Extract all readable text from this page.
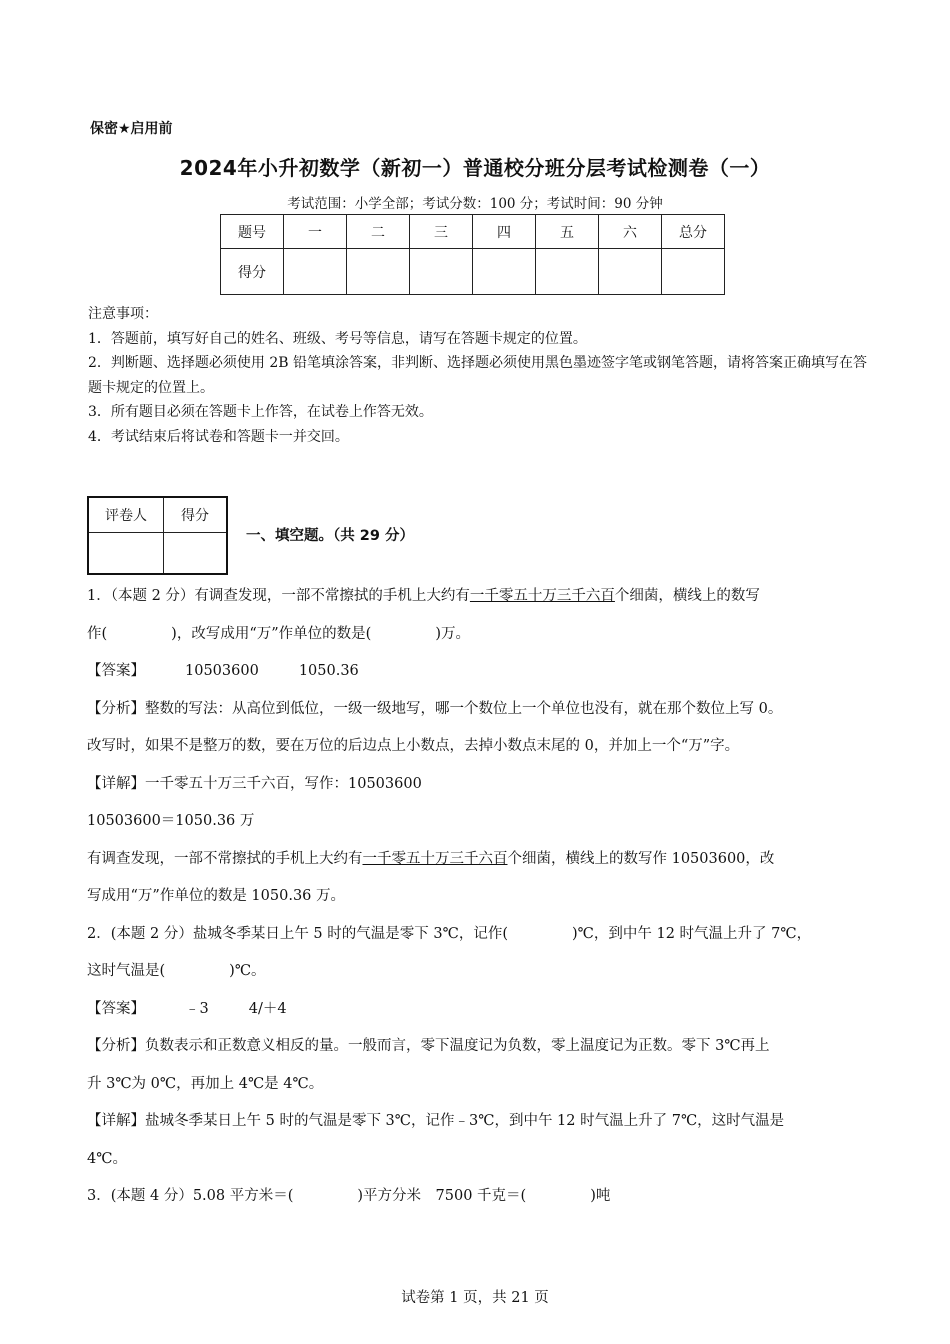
保密★启用前
2024年小升初数学（新初一）普通校分班分层考试检测卷（一）
考试范围：小学全部；考试分数：100 分；考试时间：90 分钟
题号	一	二	三	四	五	六	总分
得分							
注意事项：
1．答题前，填写好自己的姓名、班级、考号等信息，请写在答题卡规定的位置。
2．判断题、选择题必须使用 2B 铅笔填涂答案，非判断、选择题必须使用黑色墨迹签字笔或钢笔答题，请将答案正确填写在答题卡规定的位置上。
3．所有题目必须在答题卡上作答，在试卷上作答无效。
4．考试结束后将试卷和答题卡一并交回。
评卷人	得分

一、填空题。（共 29 分）

1．（本题 2 分）有调查发现，一部不常擦拭的手机上大约有一千零五十万三千六百个细菌，横线上的数写

作(	)，改写成用“万”作单位的数是(	)万。

【答案】	10503600	1050.36

【分析】整数的写法：从高位到低位，一级一级地写，哪一个数位上一个单位也没有，就在那个数位上写 0。

改写时，如果不是整万的数，要在万位的后边点上小数点，去掉小数点末尾的 0，并加上一个“万”字。

【详解】一千零五十万三千六百，写作：10503600

10503600＝1050.36 万

有调查发现，一部不常擦拭的手机上大约有一千零五十万三千六百个细菌，横线上的数写作 10503600，改

写成用“万”作单位的数是 1050.36 万。

2．(本题 2 分）盐城冬季某日上午 5 时的气温是零下 3℃，记作(	)℃，到中午 12 时气温上升了 7℃，

这时气温是(	)℃。

【答案】	﹣3	4/＋4

【分析】负数表示和正数意义相反的量。一般而言，零下温度记为负数，零上温度记为正数。零下 3℃再上

升 3℃为 0℃，再加上 4℃是 4℃。

【详解】盐城冬季某日上午 5 时的气温是零下 3℃，记作﹣3℃，到中午 12 时气温上升了 7℃，这时气温是

4℃。

3．(本题 4 分）5.08 平方米＝(	)平方分米　7500 千克＝(	)吨

试卷第 1 页，共 21 页
